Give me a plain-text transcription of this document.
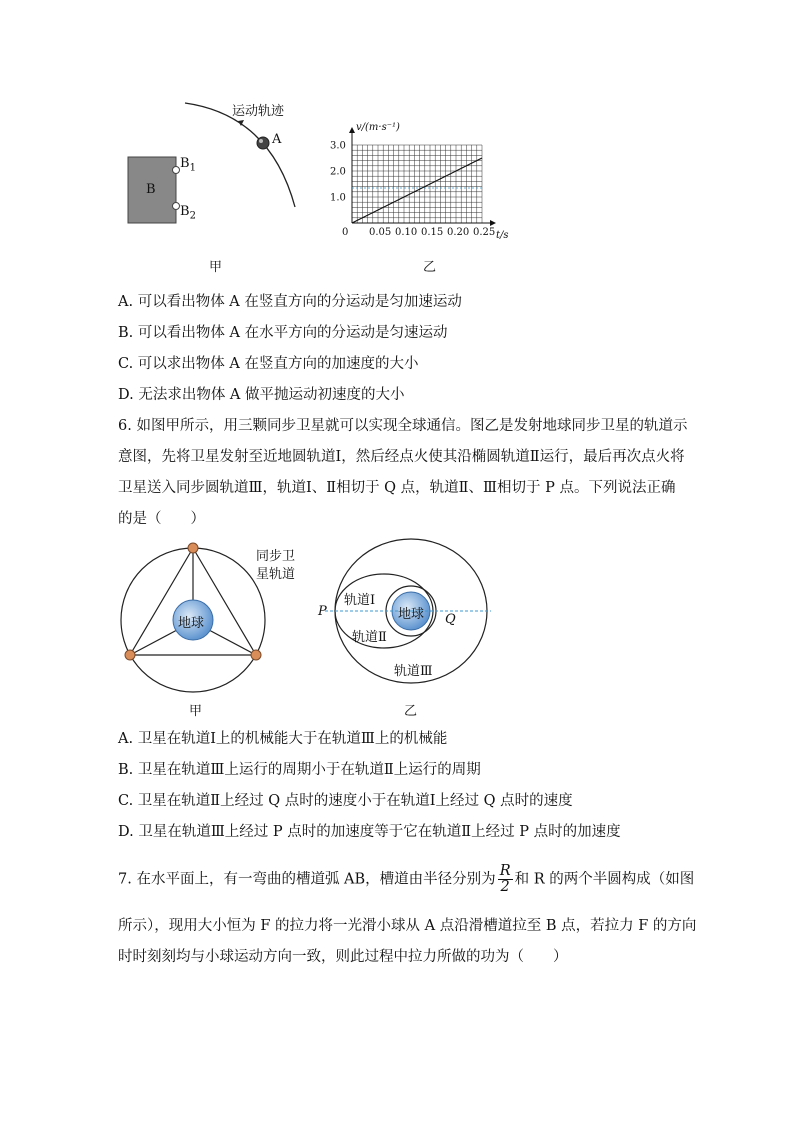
运动轨迹
A
B
$B_1$
$B_2$
甲
0.05 0.10 0.15 0.20 0.25
1.0
2.0
3.0
v/(m·s⁻¹)
t/s
0
乙
A. 可以看出物体 A 在竖直方向的分运动是匀加速运动
B. 可以看出物体 A 在水平方向的分运动是匀速运动
C. 可以求出物体 A 在竖直方向的加速度的大小
D. 无法求出物体 A 做平抛运动初速度的大小
6. 如图甲所示，用三颗同步卫星就可以实现全球通信。图乙是发射地球同步卫星的轨道示
意图，先将卫星发射至近地圆轨道Ⅰ，然后经点火使其沿椭圆轨道Ⅱ运行，最后再次点火将
卫星送入同步圆轨道Ⅲ，轨道Ⅰ、Ⅱ相切于 Q 点，轨道Ⅱ、Ⅲ相切于 P 点。下列说法正确
的是（　　）
地球
同步卫
星轨道
甲
P
Q
轨道Ⅰ
轨道Ⅱ
轨道Ⅲ
地球
乙
A. 卫星在轨道Ⅰ上的机械能大于在轨道Ⅲ上的机械能
B. 卫星在轨道Ⅲ上运行的周期小于在轨道Ⅱ上运行的周期
C. 卫星在轨道Ⅱ上经过 Q 点时的速度小于在轨道Ⅰ上经过 Q 点时的速度
D. 卫星在轨道Ⅲ上经过 P 点时的加速度等于它在轨道Ⅱ上经过 P 点时的加速度
7. 在水平面上，有一弯曲的槽道弧 AB，槽道由半径分别为 $\frac{R}{2}$ 和 R 的两个半圆构成（如图
所示），现用大小恒为 F 的拉力将一光滑小球从 A 点沿滑槽道拉至 B 点，若拉力 F 的方向
时时刻刻均与小球运动方向一致，则此过程中拉力所做的功为（　　）
